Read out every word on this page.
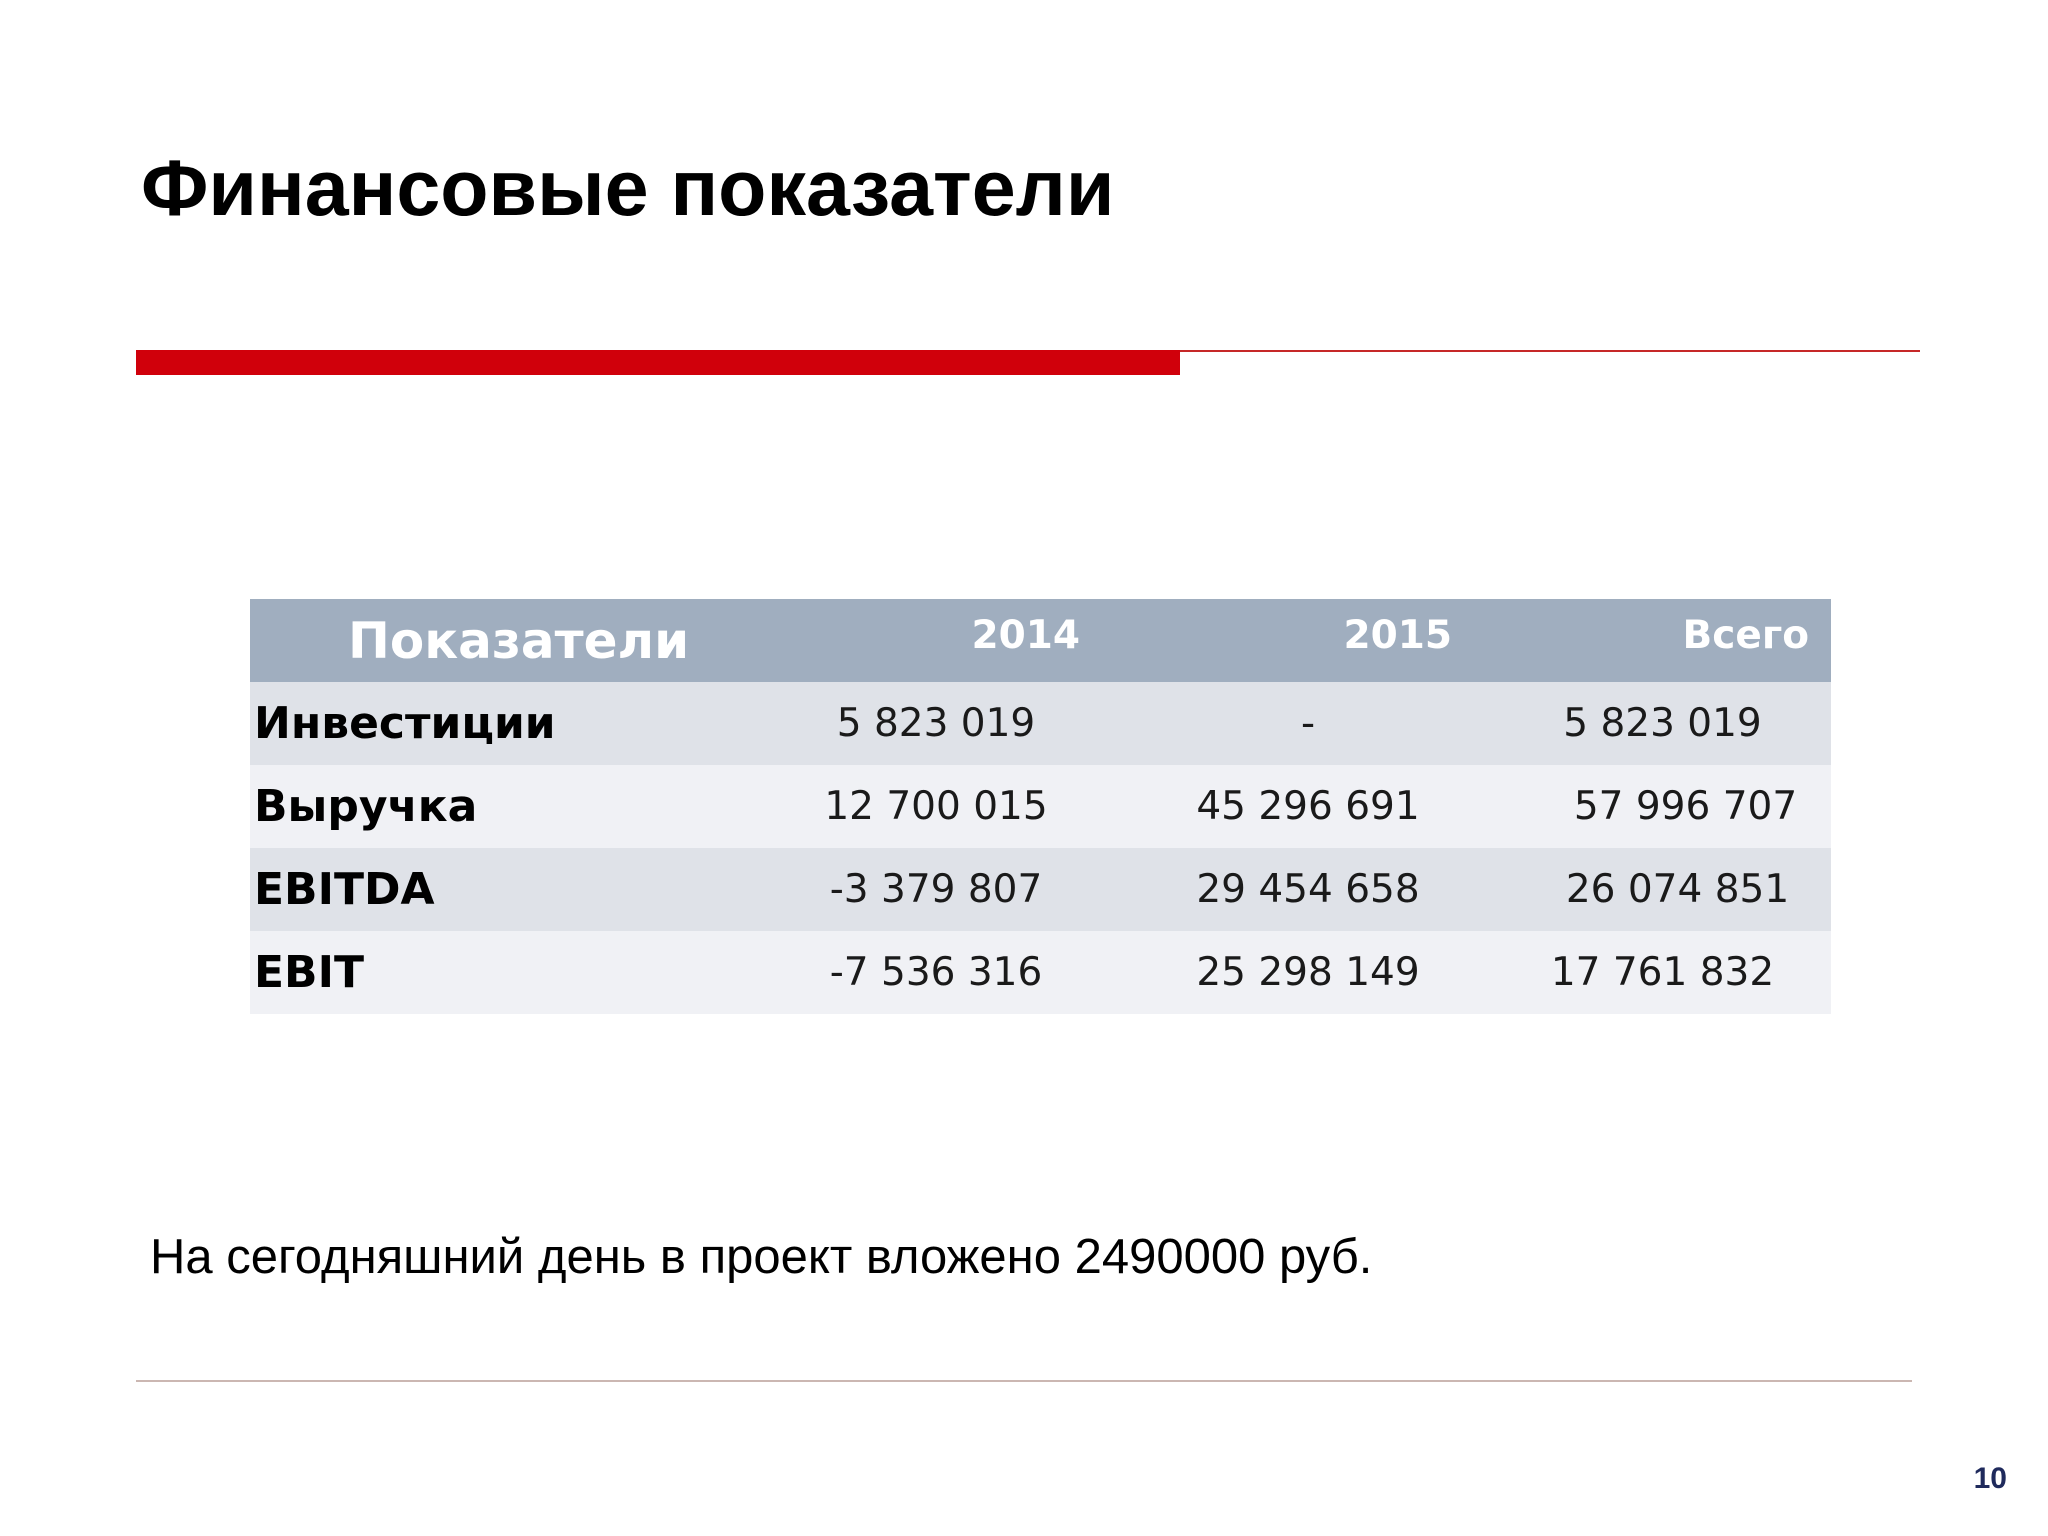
Финансовые показатели
Показатели	2014	2015	Всего
Инвестиции	5 823 019	-	5 823 019
Выручка	12 700 015	45 296 691	57 996 707
EBITDA	-3 379 807	29 454 658	26 074 851
EBIT	-7 536 316	25 298 149	17 761 832

На сегодняшний день в проект вложено 2490000 руб.

10
